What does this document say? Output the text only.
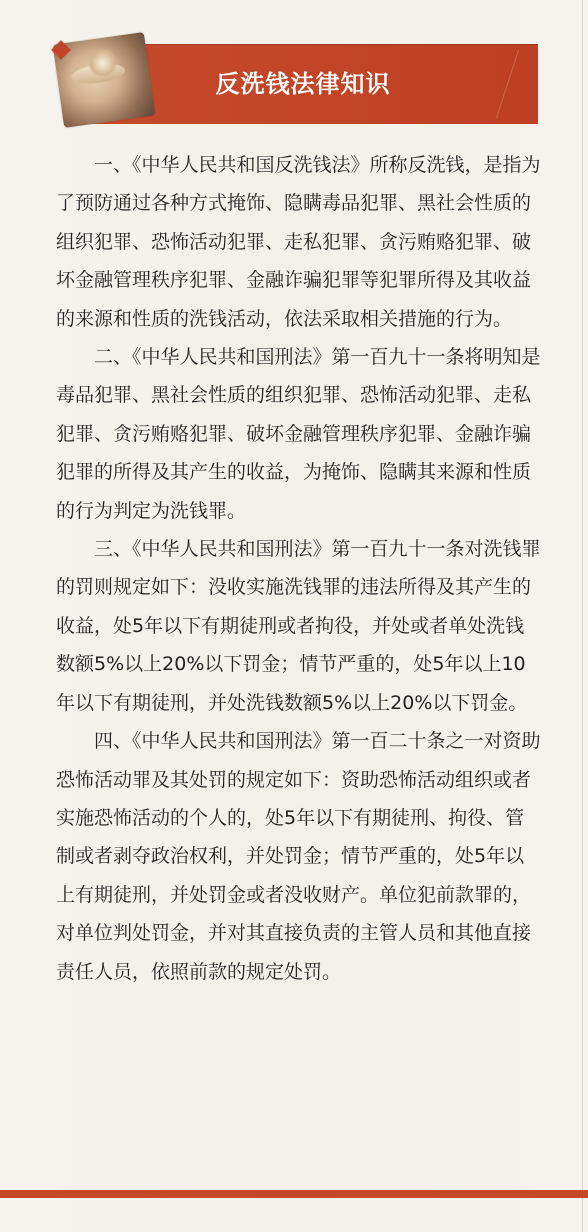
反洗钱法律知识

一、《中华人民共和国反洗钱法》所称反洗钱，是指为了预防通过各种方式掩饰、隐瞒毒品犯罪、黑社会性质的组织犯罪、恐怖活动犯罪、走私犯罪、贪污贿赂犯罪、破坏金融管理秩序犯罪、金融诈骗犯罪等犯罪所得及其收益的来源和性质的洗钱活动，依法采取相关措施的行为。

二、《中华人民共和国刑法》第一百九十一条将明知是毒品犯罪、黑社会性质的组织犯罪、恐怖活动犯罪、走私犯罪、贪污贿赂犯罪、破坏金融管理秩序犯罪、金融诈骗犯罪的所得及其产生的收益，为掩饰、隐瞒其来源和性质的行为判定为洗钱罪。

三、《中华人民共和国刑法》第一百九十一条对洗钱罪的罚则规定如下：没收实施洗钱罪的违法所得及其产生的收益，处5年以下有期徒刑或者拘役，并处或者单处洗钱数额5%以上20%以下罚金；情节严重的，处5年以上10年以下有期徒刑，并处洗钱数额5%以上20%以下罚金。

四、《中华人民共和国刑法》第一百二十条之一对资助恐怖活动罪及其处罚的规定如下：资助恐怖活动组织或者实施恐怖活动的个人的，处5年以下有期徒刑、拘役、管制或者剥夺政治权利，并处罚金；情节严重的，处5年以上有期徒刑，并处罚金或者没收财产。单位犯前款罪的，对单位判处罚金，并对其直接负责的主管人员和其他直接责任人员，依照前款的规定处罚。
